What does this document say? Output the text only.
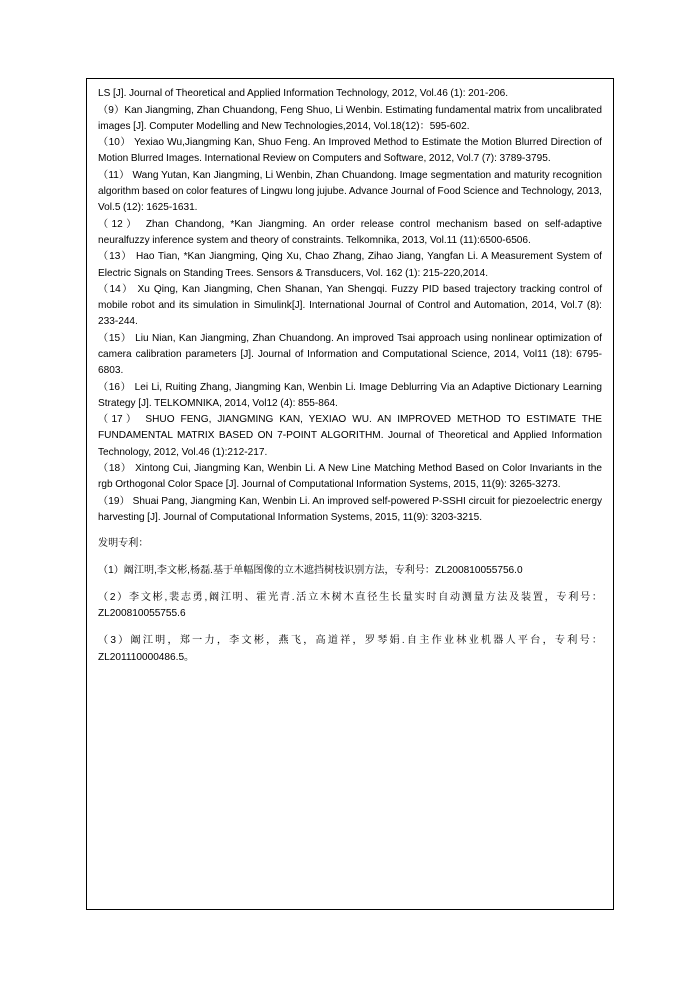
LS [J]. Journal of Theoretical and Applied Information Technology, 2012, Vol.46 (1): 201-206.

（9）Kan Jiangming, Zhan Chuandong, Feng Shuo, Li Wenbin. Estimating fundamental matrix from uncalibrated images [J]. Computer Modelling and New Technologies,2014, Vol.18(12)：595-602.

（10） Yexiao Wu,Jiangming Kan, Shuo Feng. An Improved Method to Estimate the Motion Blurred Direction of Motion Blurred Images. International Review on Computers and Software, 2012, Vol.7 (7): 3789-3795.

（11） Wang Yutan, Kan Jiangming, Li Wenbin, Zhan Chuandong. Image segmentation and maturity recognition algorithm based on color features of Lingwu long jujube. Advance Journal of Food Science and Technology, 2013, Vol.5 (12): 1625-1631.

（12） Zhan Chandong, *Kan Jiangming. An order release control mechanism based on self-adaptive neuralfuzzy inference system and theory of constraints. Telkomnika, 2013, Vol.11 (11):6500-6506.

（13） Hao Tian, *Kan Jiangming, Qing Xu, Chao Zhang, Zihao Jiang, Yangfan Li. A Measurement System of Electric Signals on Standing Trees. Sensors & Transducers, Vol. 162 (1): 215-220,2014.

（14） Xu Qing, Kan Jiangming, Chen Shanan, Yan Shengqi. Fuzzy PID based trajectory tracking control of mobile robot and its simulation in Simulink[J]. International Journal of Control and Automation, 2014, Vol.7 (8): 233-244.

（15） Liu Nian, Kan Jiangming, Zhan Chuandong. An improved Tsai approach using nonlinear optimization of camera calibration parameters [J]. Journal of Information and Computational Science, 2014, Vol11 (18): 6795-6803.

（16） Lei Li, Ruiting Zhang, Jiangming Kan, Wenbin Li. Image Deblurring Via an Adaptive Dictionary Learning Strategy [J]. TELKOMNIKA, 2014, Vol12 (4): 855-864.

（17） SHUO FENG, JIANGMING KAN, YEXIAO WU. AN IMPROVED METHOD TO ESTIMATE THE FUNDAMENTAL MATRIX BASED ON 7-POINT ALGORITHM. Journal of Theoretical and Applied Information Technology, 2012, Vol.46 (1):212-217.

（18） Xintong Cui, Jiangming Kan, Wenbin Li. A New Line Matching Method Based on Color Invariants in the rgb Orthogonal Color Space [J]. Journal of Computational Information Systems, 2015, 11(9): 3265-3273.

（19） Shuai Pang, Jiangming Kan, Wenbin Li. An improved self-powered P-SSHI circuit for piezoelectric energy harvesting [J]. Journal of Computational Information Systems, 2015, 11(9): 3203-3215.

发明专利：

（1）阚江明,李文彬,杨磊.基于单幅图像的立木遮挡树枝识别方法，专利号：ZL200810055756.0

（2）李文彬,裴志勇,阚江明、霍光青.活立木树木直径生长量实时自动测量方法及装置，专利号：ZL200810055755.6

（3）阚江明，郑一力，李文彬，燕飞，高道祥，罗琴娟.自主作业林业机器人平台，专利号：ZL201110000486.5。
